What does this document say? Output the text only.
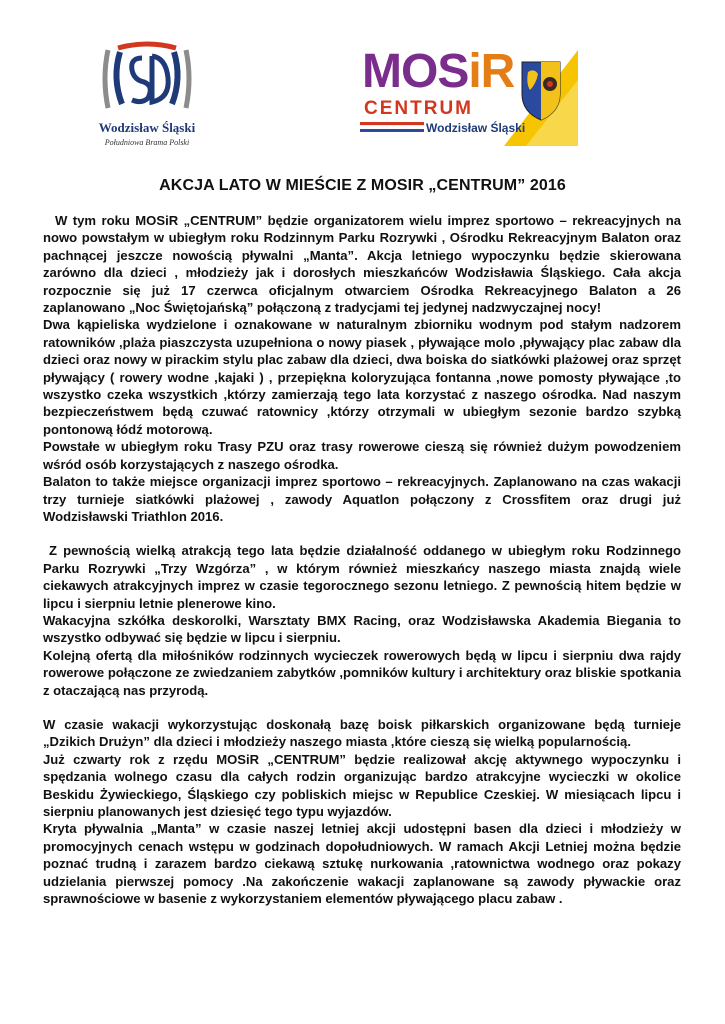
Wodzisław Śląski
Południowa Brama Polski
MOSiR
CENTRUM
Wodzisław Śląski
AKCJA LATO W MIEŚCIE Z MOSIR „CENTRUM” 2016

W tym roku MOSiR „CENTRUM” będzie organizatorem wielu imprez sportowo – rekreacyjnych na nowo powstałym w ubiegłym roku Rodzinnym Parku Rozrywki , Ośrodku Rekreacyjnym Balaton oraz pachnącej jeszcze nowością pływalni „Manta”. Akcja letniego wypoczynku będzie skierowana zarówno dla dzieci , młodzieży jak i dorosłych mieszkańców Wodzisławia Śląskiego. Cała akcja rozpocznie się już 17 czerwca oficjalnym otwarciem Ośrodka Rekreacyjnego Balaton a 26 zaplanowano „Noc Świętojańską” połączoną z tradycjami tej jedynej nadzwyczajnej nocy!

Dwa kąpieliska wydzielone i oznakowane w naturalnym zbiorniku wodnym pod stałym nadzorem ratowników ,plaża piaszczysta uzupełniona o nowy piasek , pływające molo ,pływający plac zabaw dla dzieci oraz nowy w pirackim stylu plac zabaw dla dzieci, dwa boiska do siatkówki plażowej oraz sprzęt pływający ( rowery wodne ,kajaki ) , przepiękna koloryzująca fontanna ,nowe pomosty pływające ,to wszystko czeka wszystkich ,którzy zamierzają tego lata korzystać z naszego ośrodka. Nad naszym bezpieczeństwem będą czuwać ratownicy ,którzy otrzymali w ubiegłym sezonie bardzo szybką pontonową łódź motorową.

Powstałe w ubiegłym roku Trasy PZU oraz trasy rowerowe cieszą się również dużym powodzeniem wśród osób korzystających z naszego ośrodka.

Balaton to także miejsce organizacji imprez sportowo – rekreacyjnych. Zaplanowano na czas wakacji trzy turnieje siatkówki plażowej , zawody Aquatlon połączony z Crossfitem oraz drugi już Wodzisławski Triathlon 2016.

Z pewnością wielką atrakcją tego lata będzie działalność oddanego w ubiegłym roku Rodzinnego Parku Rozrywki „Trzy Wzgórza” , w którym również mieszkańcy naszego miasta znajdą wiele ciekawych atrakcyjnych imprez w czasie tegorocznego sezonu letniego. Z pewnością hitem będzie w lipcu i sierpniu letnie plenerowe kino.

Wakacyjna szkółka deskorolki, Warsztaty BMX Racing, oraz Wodzisławska Akademia Biegania to wszystko odbywać się będzie w lipcu i sierpniu.

Kolejną ofertą dla miłośników rodzinnych wycieczek rowerowych będą w lipcu i sierpniu dwa rajdy rowerowe połączone ze zwiedzaniem zabytków ,pomników kultury i architektury oraz bliskie spotkania z otaczającą nas przyrodą.

W czasie wakacji wykorzystując doskonałą bazę boisk piłkarskich organizowane będą turnieje „Dzikich Drużyn” dla dzieci i młodzieży naszego miasta ,które cieszą się wielką popularnością.

Już czwarty rok z rzędu MOSiR „CENTRUM” będzie realizował akcję aktywnego wypoczynku i spędzania wolnego czasu dla całych rodzin organizując bardzo atrakcyjne wycieczki w okolice Beskidu Żywieckiego, Śląskiego czy pobliskich miejsc w Republice Czeskiej. W miesiącach lipcu i sierpniu planowanych jest dziesięć tego typu wyjazdów.

Kryta pływalnia „Manta” w czasie naszej letniej akcji udostępni basen dla dzieci i młodzieży w promocyjnych cenach wstępu w godzinach dopołudniowych. W ramach Akcji Letniej można będzie poznać trudną i zarazem bardzo ciekawą sztukę nurkowania ,ratownictwa wodnego oraz pokazy udzielania pierwszej pomocy .Na zakończenie wakacji zaplanowane są zawody pływackie oraz sprawnościowe w basenie z wykorzystaniem elementów pływającego placu zabaw .
